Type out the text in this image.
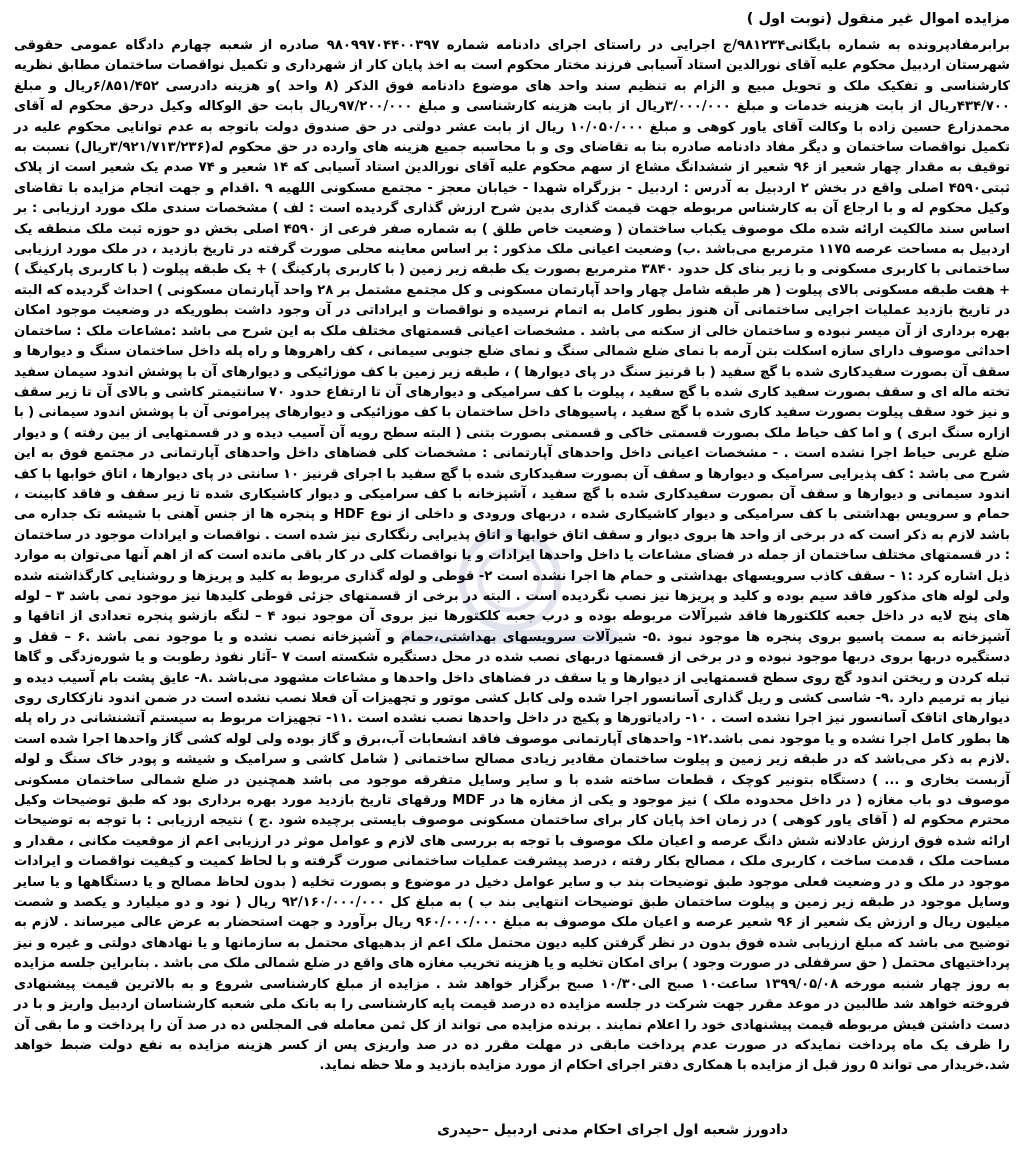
مزایده اموال غیر منقول (نوبت اول )

برابرمفادپرونده به شماره بایگانی۹۸۱۲۳۴/ج اجرایی در راستای اجرای دادنامه شماره ۹۸۰۹۹۷۰۴۴۰۰۳۹۷ صادره از شعبه چهارم دادگاه عمومی حقوقی شهرستان اردبیل محکوم علیه آقای نورالدین استاد آسیابی فرزند مختار محکوم است به اخذ پایان کار از شهرداری و تکمیل نواقصات ساختمان مطابق نظریه کارشناسی و تفکیک ملک و تحویل مبیع و الزام به تنظیم سند واحد های موضوع دادنامه فوق الذکر (۸ واحد )و هزینه دادرسی ۶/۸۵۱/۴۵۲ریال و مبلغ ۴۳۴/۷۰۰ریال از بابت هزینه خدمات و مبلغ ۳/۰۰۰/۰۰۰ریال از بابت هزینه کارشناسی و مبلغ ۹۷/۲۰۰/۰۰۰ریال بابت حق الوکاله وکیل درحق محکوم له آقای محمدزارع حسین زاده با وکالت آقای یاور کوهی و مبلغ ۱۰/۰۵۰/۰۰۰ ریال از بابت عشر دولتی در حق صندوق دولت باتوجه به عدم توانایی محکوم علیه در تکمیل نواقصات ساختمان و دیگر مفاد دادنامه صادره بنا به تقاضای وی و با محاسبه جمیع هزینه های وارده در حق محکوم له(۳/۹۲۱/۷۱۳/۲۳۶ریال) نسبت به توقیف به مقدار چهار شعیر از ۹۶ شعیر از ششدانگ مشاع از سهم محکوم علیه آقای نورالدین استاد آسیابی که ۱۴ شعیر و ۷۴ صدم یک شعیر است از پلاک ثبتی۴۵۹۰ اصلی واقع در بخش ۲ اردبیل به آدرس : اردبیل - بزرگراه شهدا - خیابان معجز - مجتمع مسکونی اللهیه ۹ .اقدام و جهت انجام مزایده با تقاضای وکیل محکوم له و با ارجاع آن به کارشناس مربوطه جهت قیمت گذاری بدین شرح ارزش گذاری گردیده است : لف ) مشخصات سندی ملک مورد ارزیابی : بر اساس سند مالکیت ارائه شده ملک موصوف یکباب ساختمان ( وضعیت خاص طلق ) به شماره صفر فرعی از ۴۵۹۰ اصلی بخش دو حوزه ثبت ملک منطقه یک اردبیل به مساحت عرصه ۱۱۷۵ مترمربع می‌باشد .ب) وضعیت اعیانی ملک مذکور : بر اساس معاینه محلی صورت گرفته در تاریخ بازدید ، در ملک مورد ارزیابی ساختمانی با کاربری مسکونی و با زیر بنای کل حدود ۳۸۴۰ مترمربع بصورت یک طبقه زیر زمین ( با کاربری پارکینگ ) + یک طبقه پیلوت ( با کاربری پارکینگ ) + هفت طبقه مسکونی بالای پیلوت ( هر طبقه شامل چهار واحد آپارتمان مسکونی و کل مجتمع مشتمل بر ۲۸ واحد آپارتمان مسکونی ) احداث گردیده که البته در تاریخ بازدید عملیات اجرایی ساختمانی آن هنوز بطور کامل به اتمام نرسیده و نواقصات و ایراداتی در آن وجود داشت بطوریکه در وضعیت موجود امکان بهره برداری از آن میسر نبوده و ساختمان خالی از سکنه می باشد . مشخصات اعیانی قسمتهای مختلف ملک به این شرح می باشد :مشاعات ملک : ساختمان احداثی موصوف دارای سازه اسکلت بتن آرمه با نمای ضلع شمالی سنگ و نمای ضلع جنوبی سیمانی ، کف راهروها و راه پله داخل ساختمان سنگ و دیوارها و سقف آن بصورت سفیدکاری شده با گچ سفید ( با قرنیز سنگ در پای دیوارها ) ، طبقه زیر زمین با کف موزائیکی و دیوارهای آن با پوشش اندود سیمان سفید تخته ماله ای و سقف بصورت سفید کاری شده با گچ سفید ، پیلوت با کف سرامیکی و دیوارهای آن تا ارتفاع حدود ۷۰ سانتیمتر کاشی و بالای آن تا زیر سقف و نیز خود سقف پیلوت بصورت سفید کاری شده با گچ سفید ، پاسیوهای داخل ساختمان با کف موزائیکی و دیوارهای پیرامونی آن با پوشش اندود سیمانی ( با ازاره سنگ ابری ) و اما کف حیاط ملک بصورت قسمتی خاکی و قسمتی بصورت بتنی ( البته سطح رویه آن آسیب دیده و در قسمتهایی از بین رفته ) و دیوار ضلع غربی حیاط اجرا نشده است . - مشخصات اعیانی داخل واحدهای آپارتمانی : مشخصات کلی فضاهای داخل واحدهای آپارتمانی در مجتمع فوق به این شرح می باشد : کف پذیرایی سرامیک و دیوارها و سقف آن بصورت سفیدکاری شده با گچ سفید با اجرای قرنیز ۱۰ سانتی در پای دیوارها ، اتاق خوابها با کف اندود سیمانی و دیوارها و سقف آن بصورت سفیدکاری شده با گچ سفید ، آشپزخانه با کف سرامیکی و دیوار کاشیکاری شده تا زیر سقف و فاقد کابینت ، حمام و سرویس بهداشتی با کف سرامیکی و دیوار کاشیکاری شده ، دربهای ورودی و داخلی از نوع HDF و پنجره ها از جنس آهنی با شیشه تک جداره می باشد لازم به ذکر است که در برخی از واحد ها بروی دیوار و سقف اتاق خوابها و اتاق پذیرایی رنگکاری نیز شده است . نواقصات و ایرادات موجود در ساختمان : در قسمتهای مختلف ساختمان از جمله در فضای مشاعات یا داخل واحدها ایرادات و یا نواقصات کلی در کار باقی مانده است که از اهم آنها می‌توان به موارد ذیل اشاره کرد :۱ - سقف کاذب سرویسهای بهداشتی و حمام ها اجرا نشده است ۲- قوطی و لوله گذاری مربوط به کلید و پریزها و روشنایی کارگذاشته شده ولی لوله های مذکور فاقد سیم بوده و کلید و پریزها نیز نصب نگردیده است . البته در برخی از قسمتهای جزئی قوطی کلیدها نیز موجود نمی باشد ۳ – لوله های پنج لایه در داخل جعبه کلکتورها فاقد شیرآلات مربوطه بوده و درب جعبه کلکتورها نیز بروی آن موجود نبود ۴ – لنگه بازشو پنجره تعدادی از اتاقها و آشپزخانه به سمت پاسیو بروی پنجره ها موجود نبود .۵- شیرآلات سرویسهای بهداشتی،حمام و آشپزخانه نصب نشده و یا موجود نمی باشد .۶ – قفل و دستگیره دربها بروی دربها موجود نبوده و در برخی از قسمتها دربهای نصب شده در محل دستگیره شکسته است ۷ –آثار نفوذ رطوبت و یا شوره‌زدگی و گاها تبله کردن و ریختن اندود گچ روی سطح قسمتهایی از دیوارها و یا سقف در فضاهای داخل واحدها و مشاعات مشهود می‌باشد .۸- عایق پشت بام آسیب دیده و نیاز به ترمیم دارد .۹- شاسی کشی و ریل گذاری آسانسور اجرا شده ولی کابل کشی موتور و تجهیزات آن فعلا نصب نشده است در ضمن اندود نازککاری روی دیوارهای اتاقک آسانسور نیز اجرا نشده است . ۱۰- رادیاتورها و پکیج در داخل واحدها نصب نشده است .۱۱- تجهیزات مربوط به سیستم آتشنشانی در راه پله ها بطور کامل اجرا نشده و یا موجود نمی باشد.۱۲- واحدهای آپارتمانی موصوف فاقد انشعابات آب،برق و گاز بوده ولی لوله کشی گاز واحدها اجرا شده است .لازم به ذکر می‌باشد که در طبقه زیر زمین و پیلوت ساختمان مقادیر زیادی مصالح ساختمانی ( شامل کاشی و سرامیک و شیشه و پودر خاک سنگ و لوله آزبست بخاری و ... ) دستگاه بتونیر کوچک ، قطعات ساخته شده با و سایر وسایل متفرقه موجود می باشد همچنین در ضلع شمالی ساختمان مسکونی موصوف دو باب مغازه ( در داخل محدوده ملک ) نیز موجود و یکی از مغازه ها در MDF ورقهای تاریخ بازدید مورد بهره برداری بود که طبق توضیحات وکیل محترم محکوم له ( آقای یاور کوهی ) در زمان اخذ پایان کار برای ساختمان مسکونی موصوف بایستی برچیده شود .ج ) نتیجه ارزیابی : با توجه به توضیحات ارائه شده فوق ارزش عادلانه شش دانگ عرصه و اعیان ملک موصوف با توجه به بررسی های لازم و عوامل موثر در ارزیابی اعم از موقعیت مکانی ، مقدار و مساحت ملک ، قدمت ساخت ، کاربری ملک ، مصالح بکار رفته ، درصد پیشرفت عملیات ساختمانی صورت گرفته و با لحاظ کمیت و کیفیت نواقصات و ایرادات موجود در ملک و در وضعیت فعلی موجود طبق توضیحات بند ب و سایر عوامل دخیل در موضوع و بصورت تخلیه ( بدون لحاظ مصالح و یا دستگاهها و یا سایر وسایل موجود در طبقه زیر زمین و پیلوت ساختمان طبق توضیحات انتهایی بند ب ) به مبلغ کل ۹۲/۱۶۰/۰۰۰/۰۰۰ ریال ( نود و دو میلیارد و یکصد و شصت میلیون ریال و ارزش یک شعیر از ۹۶ شعیر عرصه و اعیان ملک موصوف به مبلغ ۹۶۰/۰۰۰/۰۰۰ ریال برآورد و جهت استحضار به عرض عالی میرساند . لازم به توضیح می باشد که مبلغ ارزیابی شده فوق بدون در نظر گرفتن کلیه دیون محتمل ملک اعم از بدهیهای محتمل به سازمانها و یا نهادهای دولتی و غیره و نیز پرداختیهای محتمل ( حق سرقفلی در صورت وجود ) برای امکان تخلیه و یا هزینه تخریب مغازه های واقع در ضلع شمالی ملک می باشد . بنابراین جلسه مزایده به روز چهار شنبه مورخه ۱۳۹۹/۰۵/۰۸ ساعت۱۰ صبح الی۱۰/۳۰ صبح برگزار خواهد شد . مزایده از مبلغ کارشناسی شروع و به بالاترین قیمت پیشنهادی فروخته خواهد شد طالبین در موعد مقرر جهت شرکت در جلسه مزایده ده درصد قیمت پایه کارشناسی را به بانک ملی شعبه کارشناسان اردبیل واریز و با در دست داشتن فیش مربوطه قیمت پیشنهادی خود را اعلام نمایند . برنده مزایده می تواند از کل ثمن معامله فی المجلس ده در صد آن را پرداخت و ما بقی آن را ظرف یک ماه پرداخت نمایدکه در صورت عدم پرداخت مابقی در مهلت مقرر ده در صد واریزی پس از کسر هزینه مزایده به نفع دولت ضبط خواهد شد.خریدار می تواند ۵ روز قبل از مزایده با همکاری دفتر اجرای احکام از مورد مزایده بازدید و ملا حظه نماید.

دادورز شعبه اول اجرای احکام مدنی اردبیل –حیدری
